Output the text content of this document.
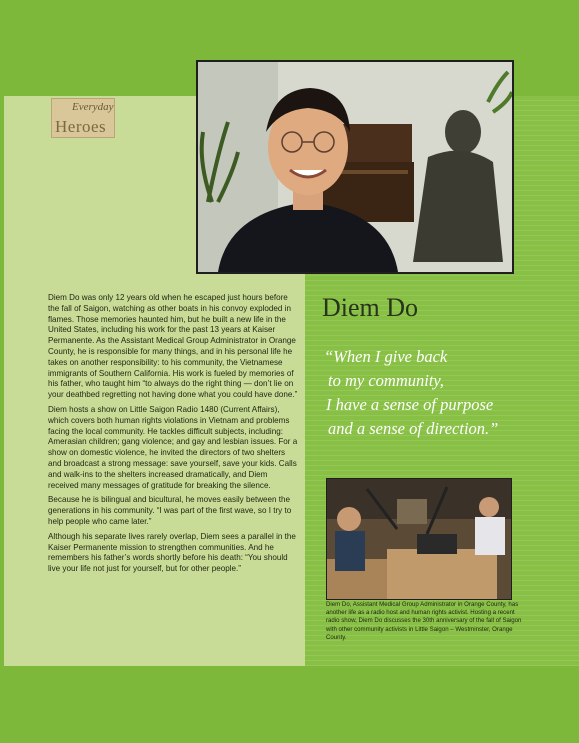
Everyday
Heroes

Diem Do was only 12 years old when he escaped just hours before the fall of Saigon, watching as other boats in his convoy exploded in flames. Those memories haunted him, but he built a new life in the United States, including his work for the past 13 years at Kaiser Permanente. As the Assistant Medical Group Administrator in Orange County, he is responsible for many things, and in his personal life he takes on another responsibility: to his community, the Vietnamese immigrants of Southern California. His work is fueled by memories of his father, who taught him “to always do the right thing — don’t lie on your deathbed regretting not having done what you could have done.”

Diem hosts a show on Little Saigon Radio 1480 (Current Affairs), which covers both human rights violations in Vietnam and problems facing the local community. He tackles difficult subjects, including: Amerasian children; gang violence; and gay and lesbian issues. For a show on domestic violence, he invited the directors of two shelters and broadcast a strong message: save yourself, save your kids. Calls and walk-ins to the shelters increased dramatically, and Diem received many messages of gratitude for breaking the silence.

Because he is bilingual and bicultural, he moves easily between the generations in his community. “I was part of the first wave, so I try to help people who came later.”

Although his separate lives rarely overlap, Diem sees a parallel in the Kaiser Permanente mission to strengthen communities. And he remembers his father’s words shortly before his death: “You should live your life not just for yourself, but for other people.”

Diem Do
“When I give back
to my community,
I have a sense of purpose
and a sense of direction.”
Diem Do, Assistant Medical Group Administrator in Orange County, has another life as a radio host and human rights activist. Hosting a recent radio show, Diem Do discusses the 30th anniversary of the fall of Saigon with other community activists in Little Saigon – Westminster, Orange County.
